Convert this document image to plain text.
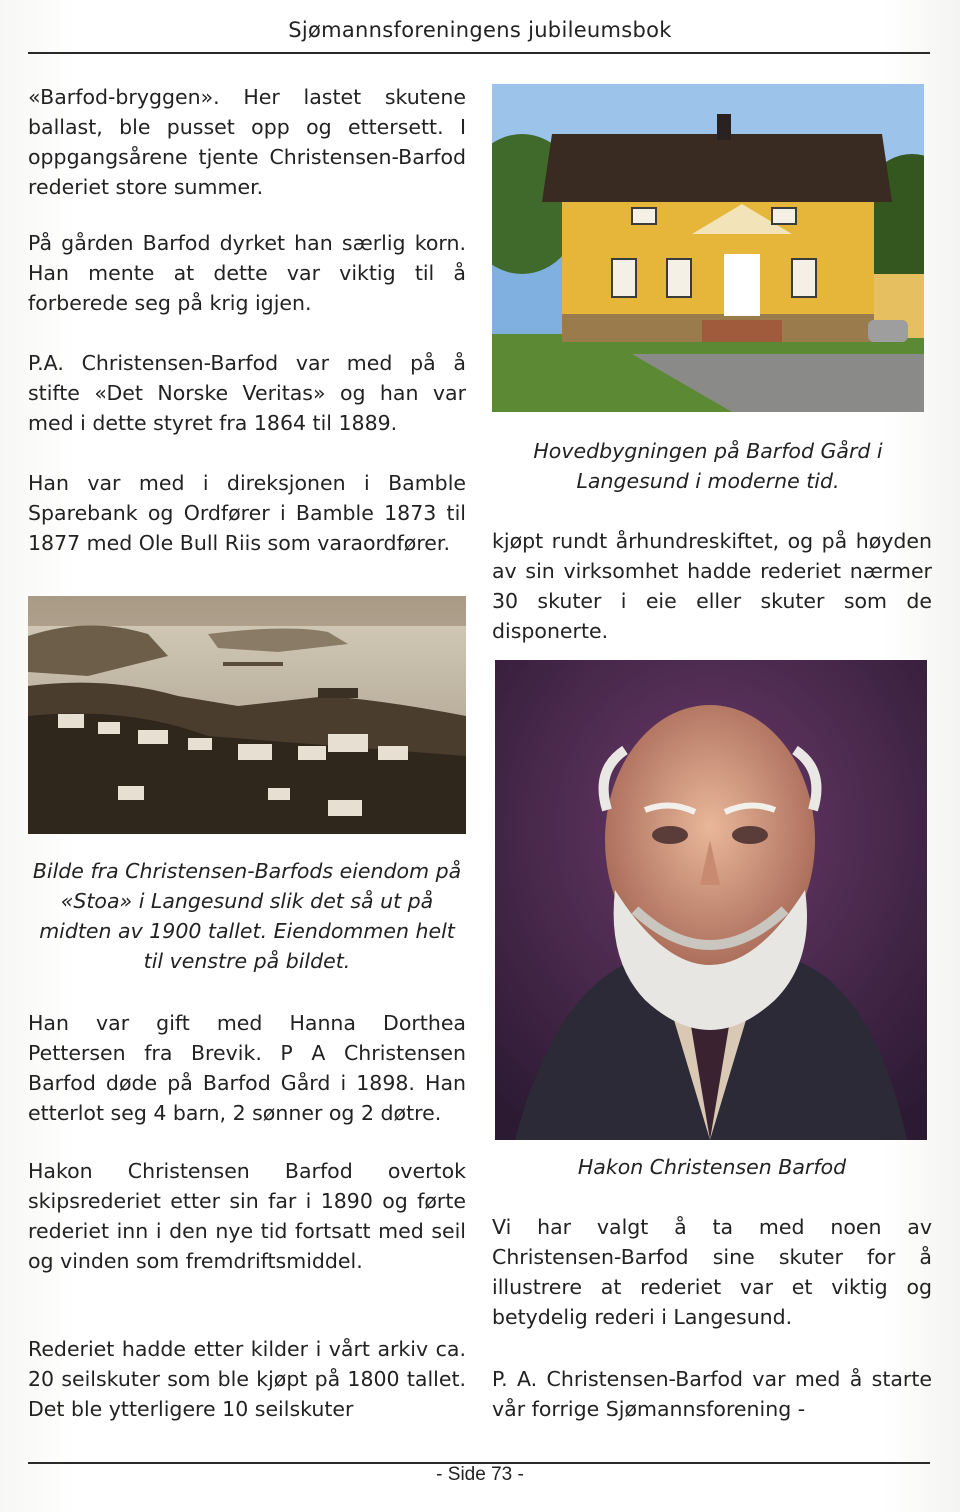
Sjømannsforeningens jubileumsbok

«Barfod-bryggen». Her lastet skutene ballast, ble pusset opp og ettersett. I oppgangsårene tjente Christensen-Barfod rederiet store summer.

På gården Barfod dyrket han særlig korn. Han mente at dette var viktig til å forberede seg på krig igjen.

P.A. Christensen-Barfod var med på å stifte «Det Norske Veritas» og han var med i dette styret fra 1864 til 1889.

Han var med i direksjonen i Bamble Sparebank og Ordfører i Bamble 1873 til 1877 med Ole Bull Riis som varaordfører.

Bilde fra Christensen-Barfods eiendom på «Stoa» i Langesund slik det så ut på midten av 1900 tallet. Eiendommen helt til venstre på bildet.

Han var gift med Hanna Dorthea Pettersen fra Brevik. P A Christensen Barfod døde på Barfod Gård i 1898. Han etterlot seg 4 barn, 2 sønner og 2 døtre.

Hakon Christensen Barfod overtok skipsrederiet etter sin far i 1890 og førte rederiet inn i den nye tid fortsatt med seil og vinden som fremdriftsmiddel.

Rederiet hadde etter kilder i vårt arkiv ca. 20 seilskuter som ble kjøpt på 1800 tallet. Det ble ytterligere 10 seilskuter

Hovedbygningen på Barfod Gård i Langesund i moderne tid.

kjøpt rundt århundreskiftet, og på høyden av sin virksomhet hadde rederiet nærmer 30 skuter i eie eller skuter som de disponerte.

Hakon Christensen Barfod

Vi har valgt å ta med noen av Christensen-Barfod sine skuter for å illustrere at rederiet var et viktig og betydelig rederi i Langesund.

P. A. Christensen-Barfod var med å starte vår forrige Sjømannsforening -

- Side 73 -
